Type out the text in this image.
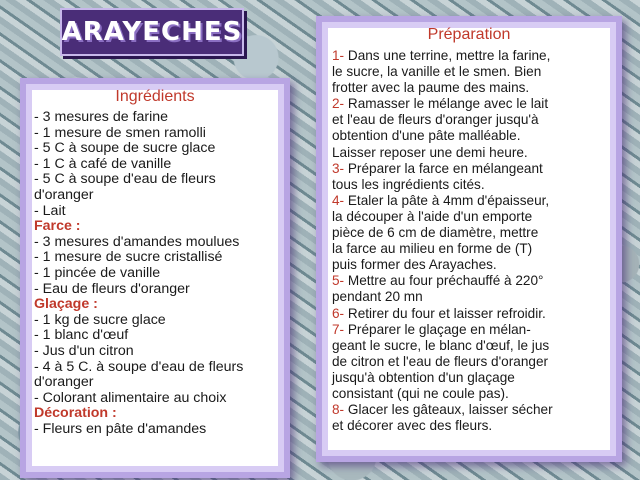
ARAYECHES
Ingrédients
- 3 mesures de farine
- 1 mesure de smen ramolli
- 5 C à soupe de sucre glace
- 1 C à café de vanille
- 5 C à soupe d'eau de fleurs
d'oranger
- Lait
Farce :
- 3 mesures d'amandes moulues
- 1 mesure de sucre cristallisé
- 1 pincée de vanille
- Eau de fleurs d'oranger
Glaçage :
- 1 kg de sucre glace
- 1 blanc d'œuf
- Jus d'un citron
- 4 à 5 C. à soupe d'eau de fleurs
d'oranger
- Colorant alimentaire au choix
Décoration :
- Fleurs en pâte d'amandes
Préparation

1- Dans une terrine, mettre la farine,

le sucre, la vanille et le smen. Bien

frotter avec la paume des mains.

2- Ramasser le mélange avec le lait

et l'eau de fleurs d'oranger jusqu'à

obtention d'une pâte malléable.

Laisser reposer une demi heure.

3- Préparer la farce en mélangeant

tous les ingrédients cités.

4- Etaler la pâte à 4mm d'épaisseur,

la découper à l'aide d'un emporte

pièce de 6 cm de diamètre, mettre

la farce au milieu en forme de (T)

puis former des Arayaches.

5- Mettre au four préchauffé à 220°

pendant 20 mn

6- Retirer du four et laisser refroidir.

7- Préparer le glaçage en mélan-

geant le sucre, le blanc d'œuf, le jus

de citron et l'eau de fleurs d'oranger

jusqu'à obtention d'un glaçage

consistant (qui ne coule pas).

8- Glacer les gâteaux, laisser sécher

et décorer avec des fleurs.
